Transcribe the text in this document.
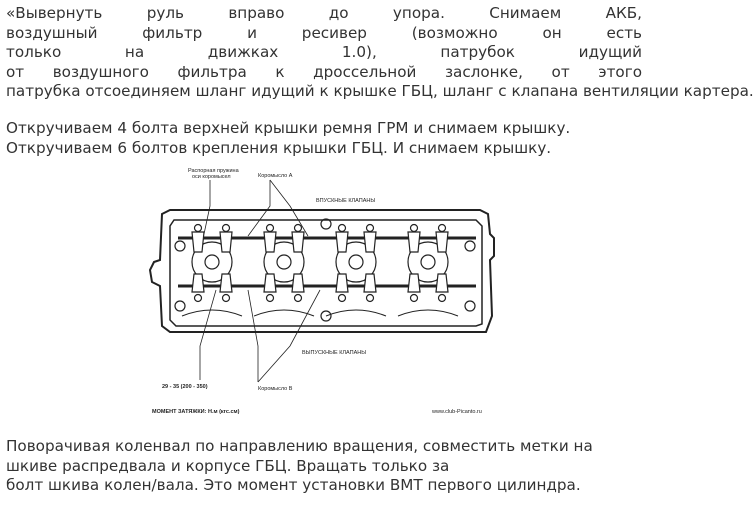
«Вывернуть руль вправо до упора. Снимаем АКБ,
воздушный фильтр и ресивер (возможно он есть
только на движках 1.0), патрубок идущий
от воздушного фильтра к дроссельной заслонке, от этого
патрубка отсоединяем шланг идущий к крышке ГБЦ, шланг с клапана вентиляции картера.

Откручиваем 4 болта верхней крышки ремня ГРМ и снимаем крышку.
Откручиваем 6 болтов крепления крышки ГБЦ. И снимаем крышку.

Распорная пружина
оси коромысел	Коромысло А
ВПУСКНЫЕ КЛАПАНЫ
ВЫПУСКНЫЕ КЛАПАНЫ
29 - 35 (200 - 350)	Коромысло В
МОМЕНТ ЗАТЯЖКИ: Н.м (кгс.см)	www.club-Picanto.ru

Поворачивая коленвал по направлению вращения, совместить метки на
шкиве распредвала и корпусе ГБЦ. Вращать только за
болт шкива колен/вала. Это момент установки ВМТ первого цилиндра.
